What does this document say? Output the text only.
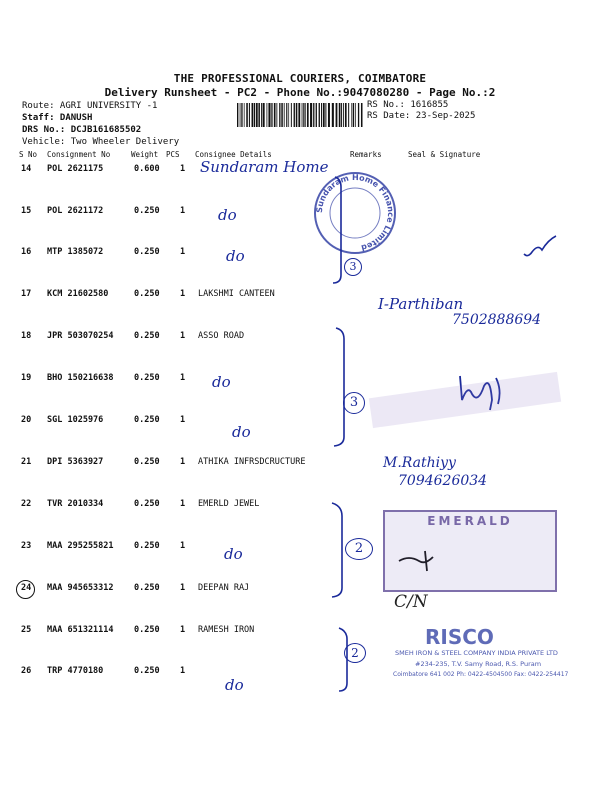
THE PROFESSIONAL COURIERS, COIMBATORE
Delivery Runsheet - PC2 - Phone No.:9047080280 - Page No.:2
Route: AGRI UNIVERSITY -1
Staff: DANUSH
DRS No.: DCJB161685502
Vehicle: Two Wheeler Delivery
RS No.: 1616855
RS Date: 23-Sep-2025
S No Consignment No	Weight PCS Consignee Details	Remarks	Seal & Signature
14 POL 2621175	0.600 1
15 POL 2621172	0.250 1
16 MTP 1385072	0.250 1
17 KCM 21602580	0.250 1 LAKSHMI CANTEEN
18 JPR 503070254 0.250 1 ASSO ROAD
19 BHO 150216638 0.250 1
20 SGL 1025976	0.250 1
21 DPI 5363927	0.250 1 ATHIKA INFRSDCRUCTURE
22 TVR 2010334	0.250 1 EMERLD JEWEL
23 MAA 295255821 0.250 1
24 MAA 945653312 0.250 1 DEEPAN RAJ
25 MAA 651321114 0.250 1 RAMESH IRON
26 TRP 4770180	0.250 1
Sundaram Home
do
do
do
do
do
do
I-Parthiban
7502888694
M.Rathiyy
7094626034
C/N
3
3
2
2
Sundaram Home Finance Limited
EMERALD
RISCO
SMEH IRON & STEEL COMPANY INDIA PRIVATE LTD
#234-235, T.V. Samy Road, R.S. Puram
Coimbatore 641 002 Ph: 0422-4504500 Fax: 0422-254417
